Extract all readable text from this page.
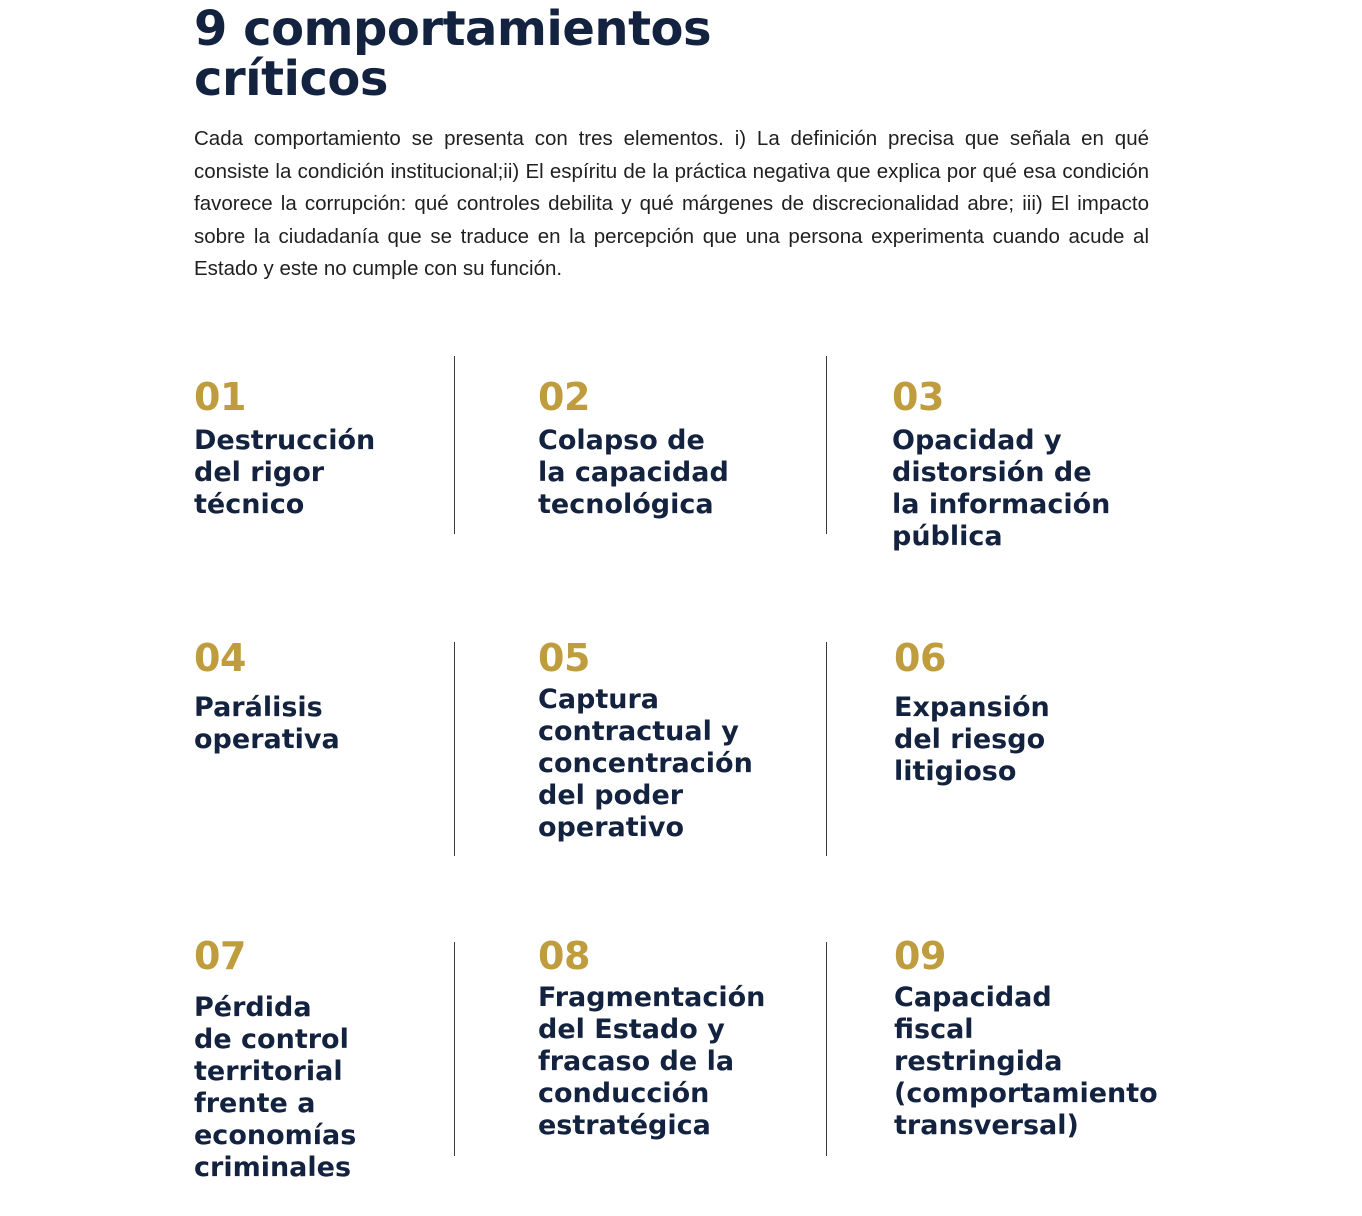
9 comportamientos
críticos

Cada comportamiento se presenta con tres elementos. i) La definición precisa que señala en qué consiste la condición institucional;ii) El espíritu de la práctica negativa que explica por qué esa condición favorece la corrupción: qué controles debilita y qué márgenes de discrecionalidad abre; iii) El impacto sobre la ciudadanía que se traduce en la percepción que una persona experimenta cuando acude al Estado y este no cumple con su función.

01
Destrucción
del rigor
técnico
02
Colapso de
la capacidad
tecnológica
03
Opacidad y
distorsión de
la información
pública
04
Parálisis
operativa
05
Captura
contractual y
concentración
del poder
operativo
06
Expansión
del riesgo
litigioso
07
Pérdida
de control
territorial
frente a
economías
criminales
08
Fragmentación
del Estado y
fracaso de la
conducción
estratégica
09
Capacidad
fiscal
restringida
(comportamiento
transversal)
